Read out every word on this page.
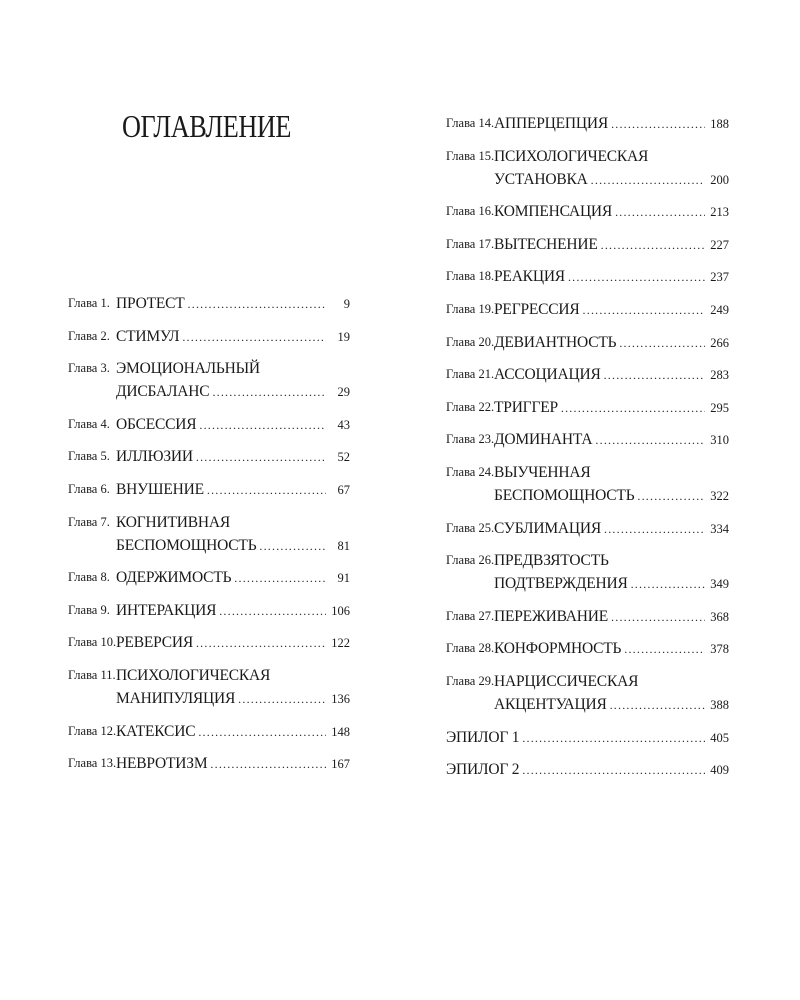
ОГЛАВЛЕНИЕ
Глава 1. ПРОТЕСТ .....	9
Глава 2. СТИМУЛ .....	19
Глава 3. ЭМОЦИОНАЛЬНЫЙ
ДИСБАЛАНС .....	29
Глава 4. ОБСЕССИЯ .....	43
Глава 5. ИЛЛЮЗИИ .....	52
Глава 6. ВНУШЕНИЕ .....	67
Глава 7. КОГНИТИВНАЯ
БЕСПОМОЩНОСТЬ .....	81
Глава 8. ОДЕРЖИМОСТЬ .....	91
Глава 9. ИНТЕРАКЦИЯ .....	106
Глава 10. РЕВЕРСИЯ .....	122
Глава 11. ПСИХОЛОГИЧЕСКАЯ
МАНИПУЛЯЦИЯ .....	136
Глава 12. КАТЕКСИС .....	148
Глава 13. НЕВРОТИЗМ .....	167
Глава 14. АППЕРЦЕПЦИЯ .....	188
Глава 15. ПСИХОЛОГИЧЕСКАЯ
УСТАНОВКА .....	200
Глава 16. КОМПЕНСАЦИЯ .....	213
Глава 17. ВЫТЕСНЕНИЕ .....	227
Глава 18. РЕАКЦИЯ .....	237
Глава 19. РЕГРЕССИЯ .....	249
Глава 20. ДЕВИАНТНОСТЬ .....	266
Глава 21. АССОЦИАЦИЯ .....	283
Глава 22. ТРИГГЕР .....	295
Глава 23. ДОМИНАНТА .....	310
Глава 24. ВЫУЧЕННАЯ
БЕСПОМОЩНОСТЬ .....	322
Глава 25. СУБЛИМАЦИЯ .....	334
Глава 26. ПРЕДВЗЯТОСТЬ
ПОДТВЕРЖДЕНИЯ .....	349
Глава 27. ПЕРЕЖИВАНИЕ .....	368
Глава 28. КОНФОРМНОСТЬ .....	378
Глава 29. НАРЦИССИЧЕСКАЯ
АКЦЕНТУАЦИЯ .....	388
ЭПИЛОГ 1 .....	405
ЭПИЛОГ 2 .....	409
